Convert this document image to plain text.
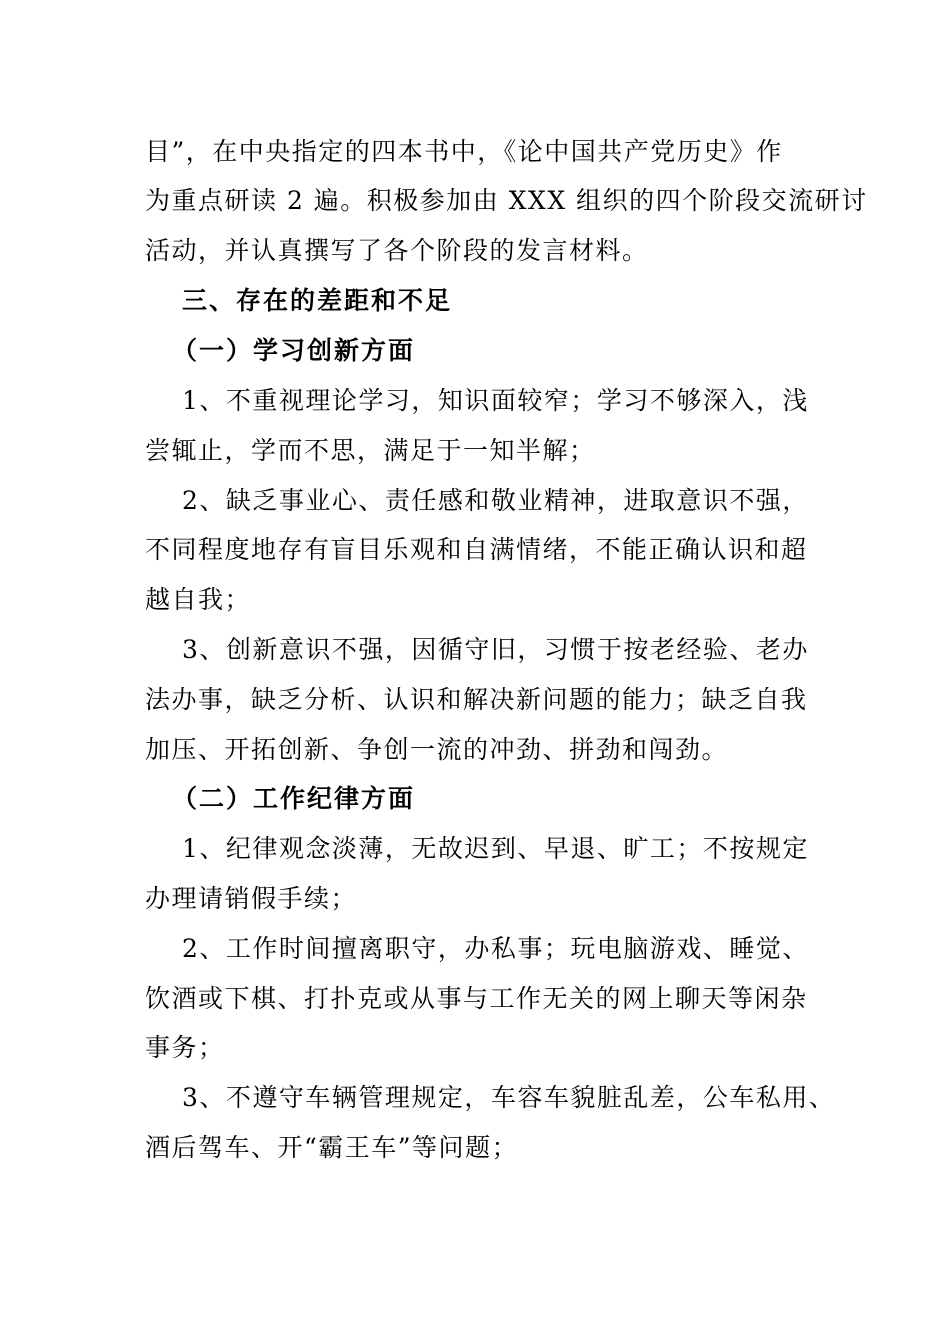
目”，在中央指定的四本书中，《论中国共产党历史》作
为重点研读 2 遍。积极参加由 XXX 组织的四个阶段交流研讨
活动，并认真撰写了各个阶段的发言材料。
三、存在的差距和不足
（一）学习创新方面
1、不重视理论学习，知识面较窄；学习不够深入，浅
尝辄止，学而不思，满足于一知半解；
2、缺乏事业心、责任感和敬业精神，进取意识不强，
不同程度地存有盲目乐观和自满情绪，不能正确认识和超
越自我；
3、创新意识不强，因循守旧，习惯于按老经验、老办
法办事，缺乏分析、认识和解决新问题的能力；缺乏自我
加压、开拓创新、争创一流的冲劲、拼劲和闯劲。
（二）工作纪律方面
1、纪律观念淡薄，无故迟到、早退、旷工；不按规定
办理请销假手续；
2、工作时间擅离职守，办私事；玩电脑游戏、睡觉、
饮酒或下棋、打扑克或从事与工作无关的网上聊天等闲杂
事务；
3、不遵守车辆管理规定，车容车貌脏乱差，公车私用、
酒后驾车、开“霸王车”等问题；
